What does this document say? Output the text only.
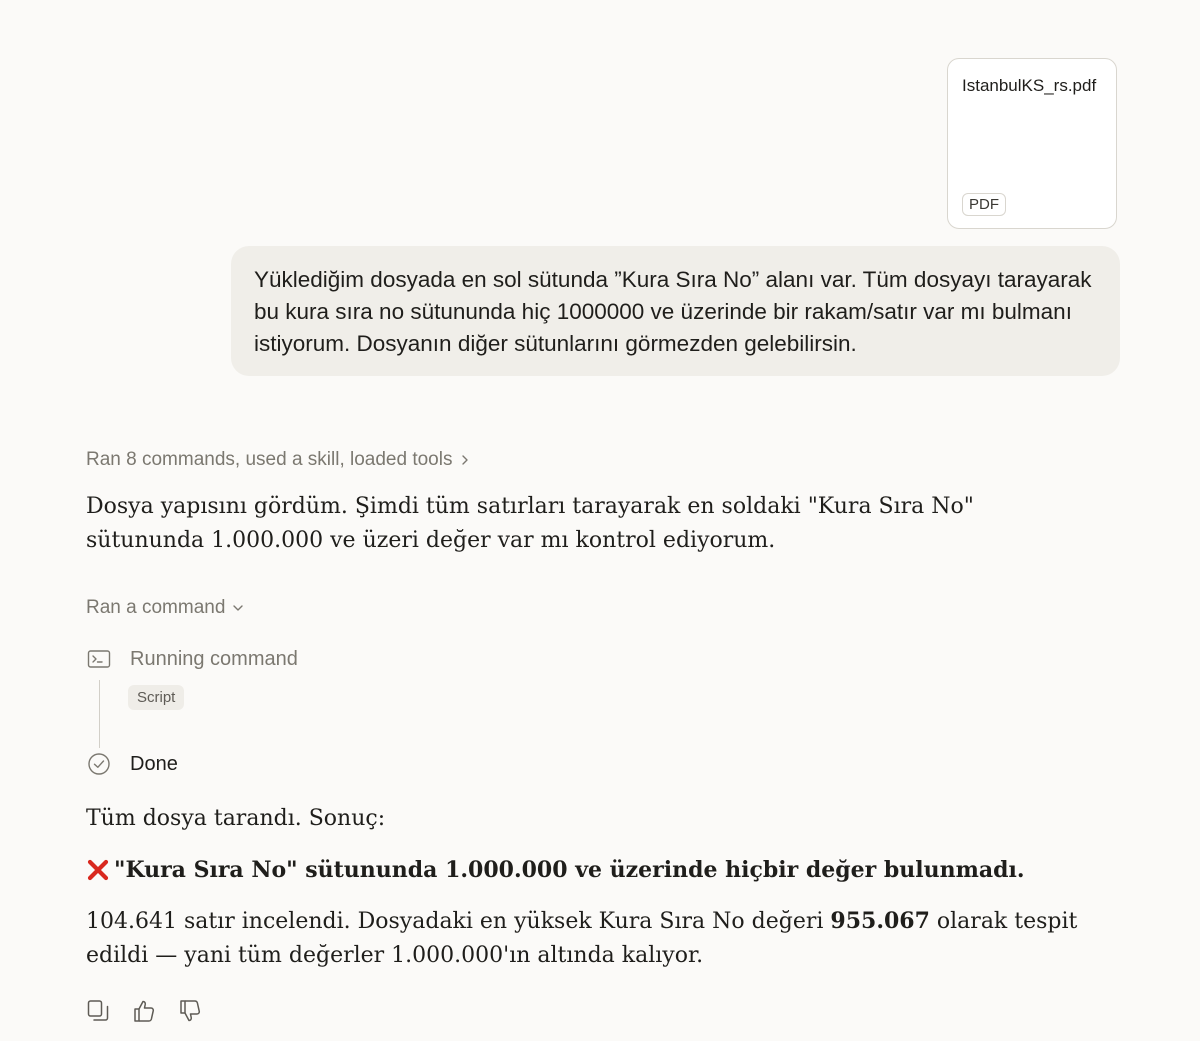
IstanbulKS_rs.pdf
PDF
Yüklediğim dosyada en sol sütunda ”Kura Sıra No” alanı var. Tüm dosyayı tarayarak bu kura sıra no sütununda hiç 1000000 ve üzerinde bir rakam/satır var mı bulmanı istiyorum. Dosyanın diğer sütunlarını görmezden gelebilirsin.
Ran 8 commands, used a skill, loaded tools
Dosya yapısını gördüm. Şimdi tüm satırları tarayarak en soldaki "Kura Sıra No" sütununda 1.000.000 ve üzeri değer var mı kontrol ediyorum.
Ran a command
Running command
Script
Done
Tüm dosya tarandı. Sonuç:
"Kura Sıra No" sütununda 1.000.000 ve üzerinde hiçbir değer bulunmadı.
104.641 satır incelendi. Dosyadaki en yüksek Kura Sıra No değeri 955.067 olarak tespit edildi — yani tüm değerler 1.000.000'ın altında kalıyor.
